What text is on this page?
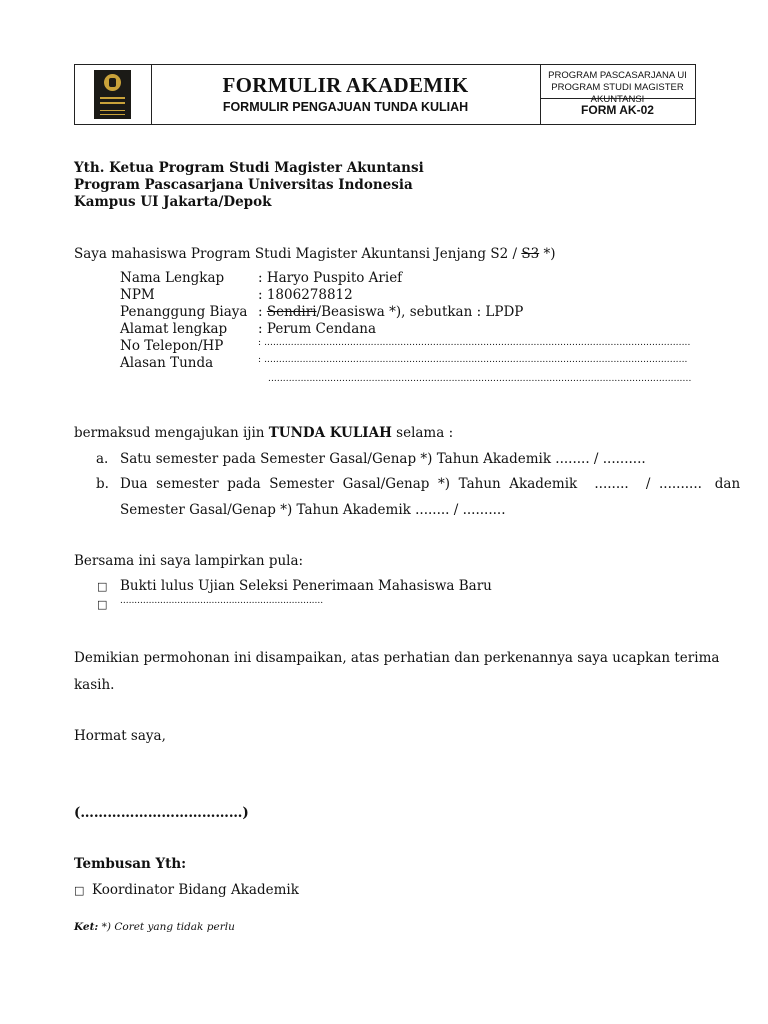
FORMULIR AKADEMIK
FORMULIR PENGAJUAN TUNDA KULIAH
PROGRAM PASCASARJANA UI
PROGRAM STUDI MAGISTER AKUNTANSI
FORM AK-02
Yth. Ketua Program Studi Magister Akuntansi
Program Pascasarjana Universitas Indonesia
Kampus UI Jakarta/Depok
Saya mahasiswa Program Studi Magister Akuntansi Jenjang S2 / S3 *)
Nama Lengkap	: Haryo Puspito Arief
NPM	: 1806278812
Penanggung Biaya : Sendiri/Beasiswa *), sebutkan : LPDP
Alamat lengkap : Perum Cendana
No Telepon/HP	: ................................................................................................................................................
Alasan Tunda	: ...............................................................................................................................................
...............................................................................................................................................
bermaksud mengajukan ijin TUNDA KULIAH selama :
a. Satu semester pada Semester Gasal/Genap *) Tahun Akademik ........ / ..........
b. Dua  semester  pada  Semester  Gasal/Genap  *)  Tahun  Akademik    ........    /  ..........   dan
Semester Gasal/Genap *) Tahun Akademik ........ / ..........
Bersama ini saya lampirkan pula:
□ Bukti lulus Ujian Seleksi Penerimaan Mahasiswa Baru
□ .......................................................................
Demikian permohonan ini disampaikan, atas perhatian dan perkenannya saya ucapkan terima
kasih.
Hormat saya,
(………………………………)
Tembusan Yth:
□ Koordinator Bidang Akademik
Ket: *) Coret yang tidak perlu
